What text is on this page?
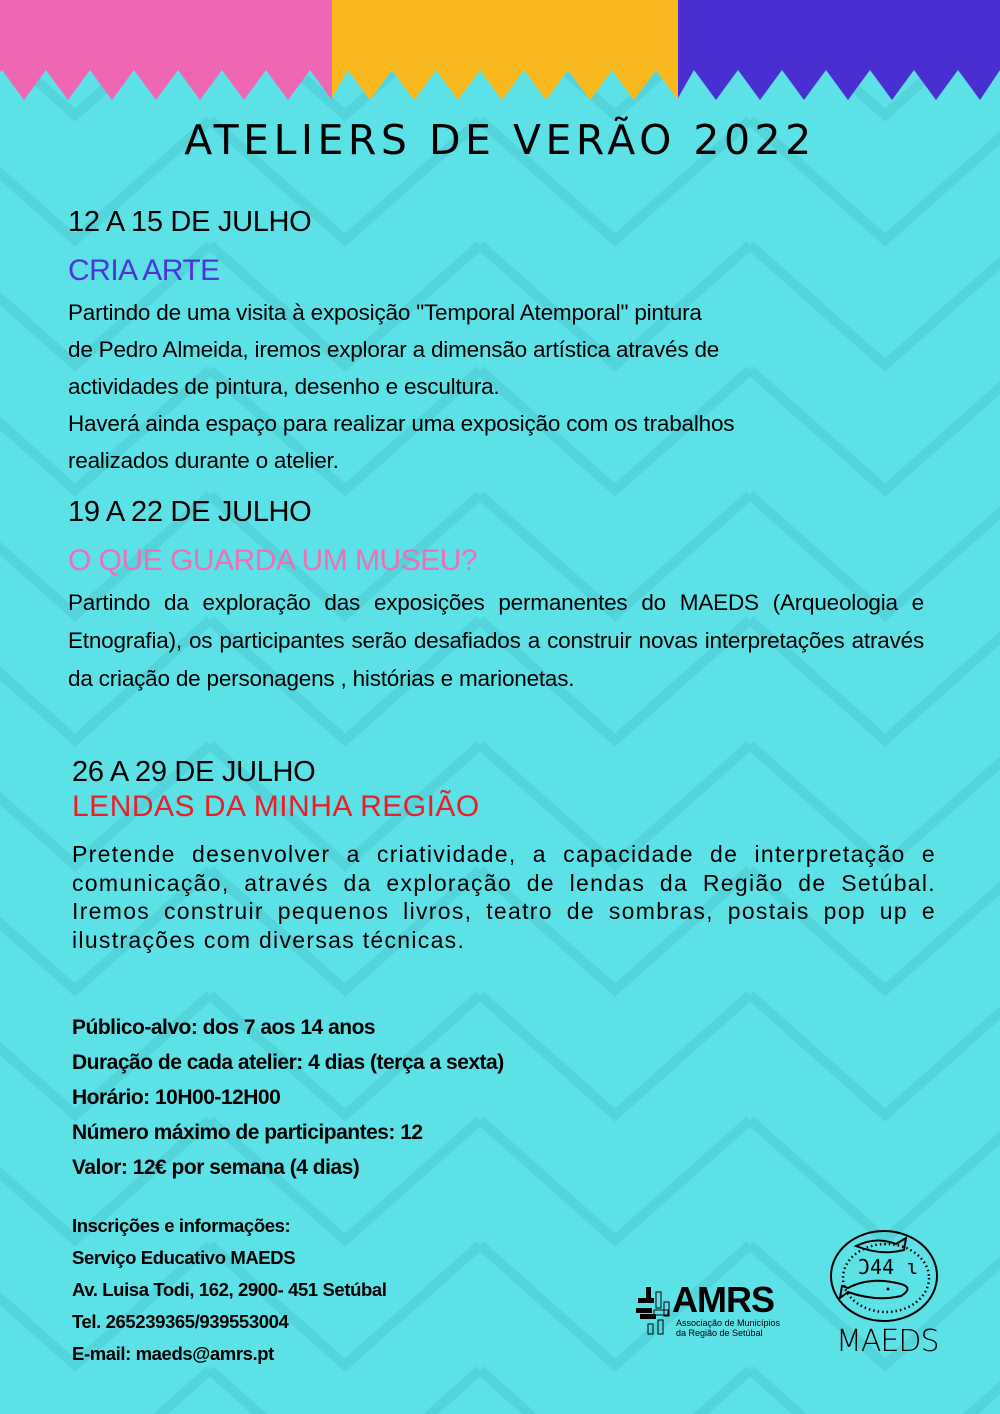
ATELIERS DE VERÃO 2022
12 A 15 DE JULHO
CRIA ARTE
Partindo de uma visita à exposição "Temporal Atemporal" pintura
de Pedro Almeida, iremos explorar a dimensão artística através de
actividades de pintura, desenho e escultura.
Haverá ainda espaço para realizar uma exposição com os trabalhos
realizados durante o atelier.
19 A 22 DE JULHO
O QUE GUARDA UM MUSEU?
Partindo da exploração das exposições permanentes do MAEDS (Arqueologia e Etnografia), os participantes serão desafiados a construir novas interpretações através da criação de personagens , histórias e marionetas.
26 A 29 DE JULHO
LENDAS DA MINHA REGIÃO
Pretende desenvolver a criatividade, a capacidade de interpretação e comunicação, através da exploração de lendas da Região de Setúbal. Iremos construir pequenos livros, teatro de sombras, postais pop up e ilustrações com diversas técnicas.
Público-alvo: dos 7 aos 14 anos
Duração de cada atelier: 4 dias (terça a sexta)
Horário: 10H00-12H00
Número máximo de participantes: 12
Valor: 12€ por semana (4 dias)
Inscrições e informações:
Serviço Educativo MAEDS
Av. Luisa Todi, 162, 2900- 451 Setúbal
Tel. 265239365/939553004
E-mail: maeds@amrs.pt
AMRS
Associação de Municípios
da Região de Setúbal
Ɔ44 ɩ
MAEDS
